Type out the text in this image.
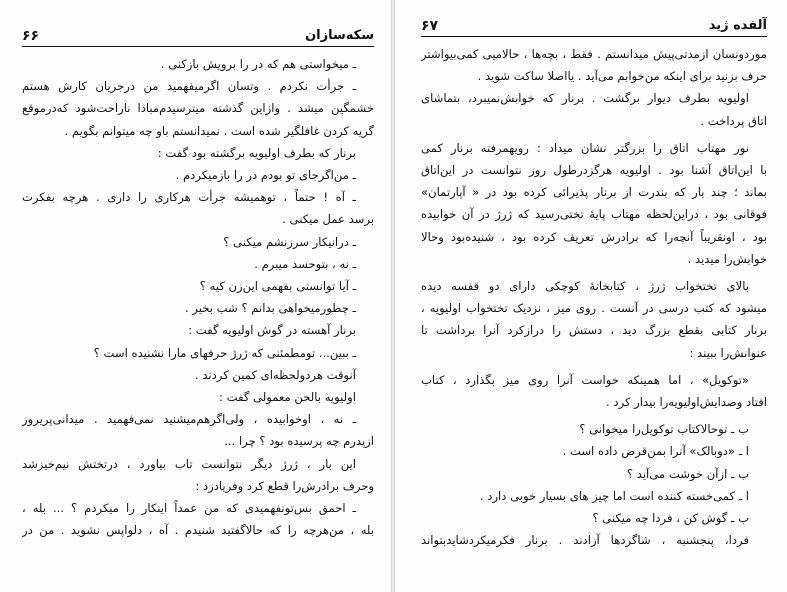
۶۶	سکه‌سازان
ـ میخواستی هم که در را برویش بازکنی .
ـ جرأت نکردم . وتسان اگرمیفهمید من درجریان کارش هستم
خشمگین میشد . وازاین گذشته میترسیدم‌مبادا ناراحت‌شود که‌درموقع
گریه کردن غافلگیر شده است . نمیدانستم باو چه میتوانم بگویم .
برنار که بطرف اولیویه برگشته بود گفت :
ـ من‌اگرجای تو بودم در را بازمیکردم .
ـ آه ! حتماً ، توهمیشه جرأت هرکاری را داری . هرچه بفکرت
برسد عمل میکنی .
ـ درانیکار سرزنشم میکنی ؟
ـ نه ، بتوحسد میبرم .
ـ آیا توانستی بفهمی این‌زن کیه ؟
ـ چطورمیخواهی بدانم ؟ شب بخیر .
برنار آهسته در گوش اولیویه گفت :
ـ ببین... تومطمئنی که ژرژ حرفهای مارا نشنیده است ؟
آنوقت هردولحظه‌ای کمین کردند .
اولیویه بالحن معمولی گفت :
ـ نه ، اوخوابیده ، ولی‌اگرهم‌میشنید نمی‌فهمید . میدانی‌پریروز
ازپدرم چه پرسیده بود ؟ چرا ...
این بار ، ژرژ دیگر نتوانست تاب بیاورد ، درتختش نیم‌خیزشد
وحرف برادرش‌را قطع کرد وفریادزد :
ـ احمق بس‌تونفهمیدی که من عمداً اینکار را میکردم ؟ ... بله ،
بله ، من‌هرچه را که حالاگفتید شنیدم . آه ، دلواپس نشوید . من در
۶۷	آلفده ژید
موردونسان ازمدتی‌پیش میدانستم . فقط ، بچه‌ها ، حالامیی کمی‌بیواشتر
حرف بزنید برای اینکه من‌خوابم می‌آید . یااصلا ساکت شوید .
اولیویه بطرف دیوار برگشت . برنار که خوابش‌نمیبرد، بتماشای
اتاق پرداخت .
نور مهتاب اتاق را بزرگتر نشان میداد : رویهمرفته برنار کمی
با این‌اتاق آشنا بود . اولیویه هرگزدرطول روز نتوانست در این‌اتاق
بماند ؛ چند بار که بندرت از برنار پذیرائی کرده بود در « آپارتمان»
فوقانی بود ، دراین‌لحظه مهتاب پایهٔ تختی‌رسید که ژرژ در آن خوابیده
بود ، اونقریباً آنچه‌را که برادرش تعریف کرده بود ، شنیده‌بود وحالا
خوابش‌را میدید .
بالای تختخواب ژرژ ، کتابخانهٔ کوچکی دارای دو قفسه دیده
میشود که کتب درسی در آنست . روی میز ، نزدیک تختخواب اولیویه ،
برنار کتابی بقطع بزرگ دید ، دستش را درازکرد آنرا برداشت تا
عنوانش‌را ببیند :
«توکویل» ، اما همینکه خواست آنرا روی میز بگذارد ، کتاب
افتاد وصدایش‌اولیویه‌را بیدار کرد .
ب ـ توحالاکتاب توکویل‌را میخوانی ؟
ا ـ «دوبالک» آنرا بمن‌قرض داده است .
ب ـ ازآن خوشت می‌آید ؟
ا ـ کمی‌خسته کننده است اما چیز های بسیار خوبی دارد .
ب ـ گوش کن ، فردا چه میکنی ؟
فردا، پنجشنبه ، شاگردها آزادند . برنار فکرمیکردشایدبتواند
